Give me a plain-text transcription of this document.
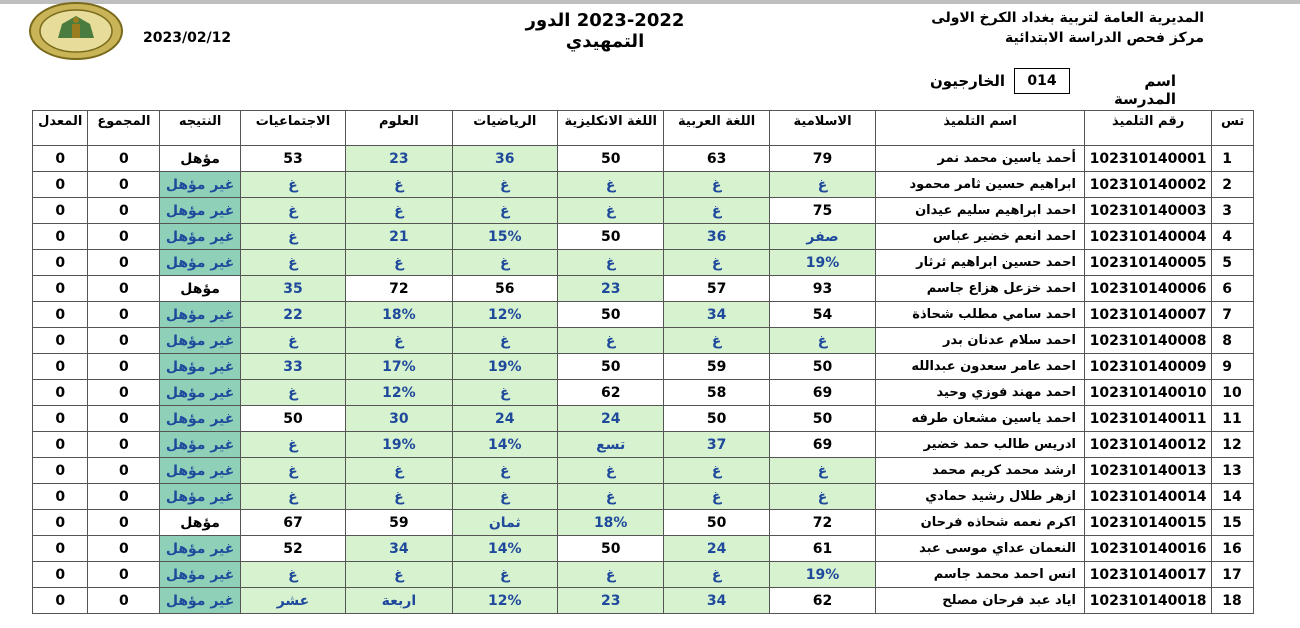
2023/02/12
2023-2022 الدور التمهيدي
المديرية العامة لتربية بغداد الكرخ الاولى
مركز فحص الدراسة الابتدائية
اسم المدرسة
014
الخارجيون
تس	رقم التلميذ	اسم التلميذ	الاسلامية	اللغة العربية	اللغة الانكليزية	الرياضيات	العلوم	الاجتماعيات	النتيجه	المجموع	المعدل
1	102310140001	أحمد ياسين محمد نمر	79	63	50	36	23	53	مؤهل	0	0
2	102310140002	ابراهيم حسين ثامر محمود	غ	غ	غ	غ	غ	غ	غير مؤهل	0	0
3	102310140003	احمد ابراهيم سليم عيدان	75	غ	غ	غ	غ	غ	غير مؤهل	0	0
4	102310140004	احمد انعم خضير عباس	صفر	36	50	15%	21	غ	غير مؤهل	0	0
5	102310140005	احمد حسين ابراهيم ثرثار	19%	غ	غ	غ	غ	غ	غير مؤهل	0	0
6	102310140006	احمد خزعل هزاع جاسم	93	57	23	56	72	35	مؤهل	0	0
7	102310140007	احمد سامي مطلب شحاذة	54	34	50	12%	18%	22	غير مؤهل	0	0
8	102310140008	احمد سلام عدنان بدر	غ	غ	غ	غ	غ	غ	غير مؤهل	0	0
9	102310140009	احمد عامر سعدون عبدالله	50	59	50	19%	17%	33	غير مؤهل	0	0
10	102310140010	احمد مهند فوزي وحيد	69	58	62	غ	12%	غ	غير مؤهل	0	0
11	102310140011	احمد ياسين مشعان طرفه	50	50	24	24	30	50	غير مؤهل	0	0
12	102310140012	ادريس طالب حمد خضير	69	37	تسع	14%	19%	غ	غير مؤهل	0	0
13	102310140013	ارشد محمد كريم محمد	غ	غ	غ	غ	غ	غ	غير مؤهل	0	0
14	102310140014	ازهر طلال رشيد حمادي	غ	غ	غ	غ	غ	غ	غير مؤهل	0	0
15	102310140015	اكرم نعمه شحاذه فرحان	72	50	18%	ثمان	59	67	مؤهل	0	0
16	102310140016	النعمان عداي موسى عبد	61	24	50	14%	34	52	غير مؤهل	0	0
17	102310140017	انس احمد محمد جاسم	19%	غ	غ	غ	غ	غ	غير مؤهل	0	0
18	102310140018	اياد عبد فرحان مصلح	62	34	23	12%	اربعة	عشر	غير مؤهل	0	0
